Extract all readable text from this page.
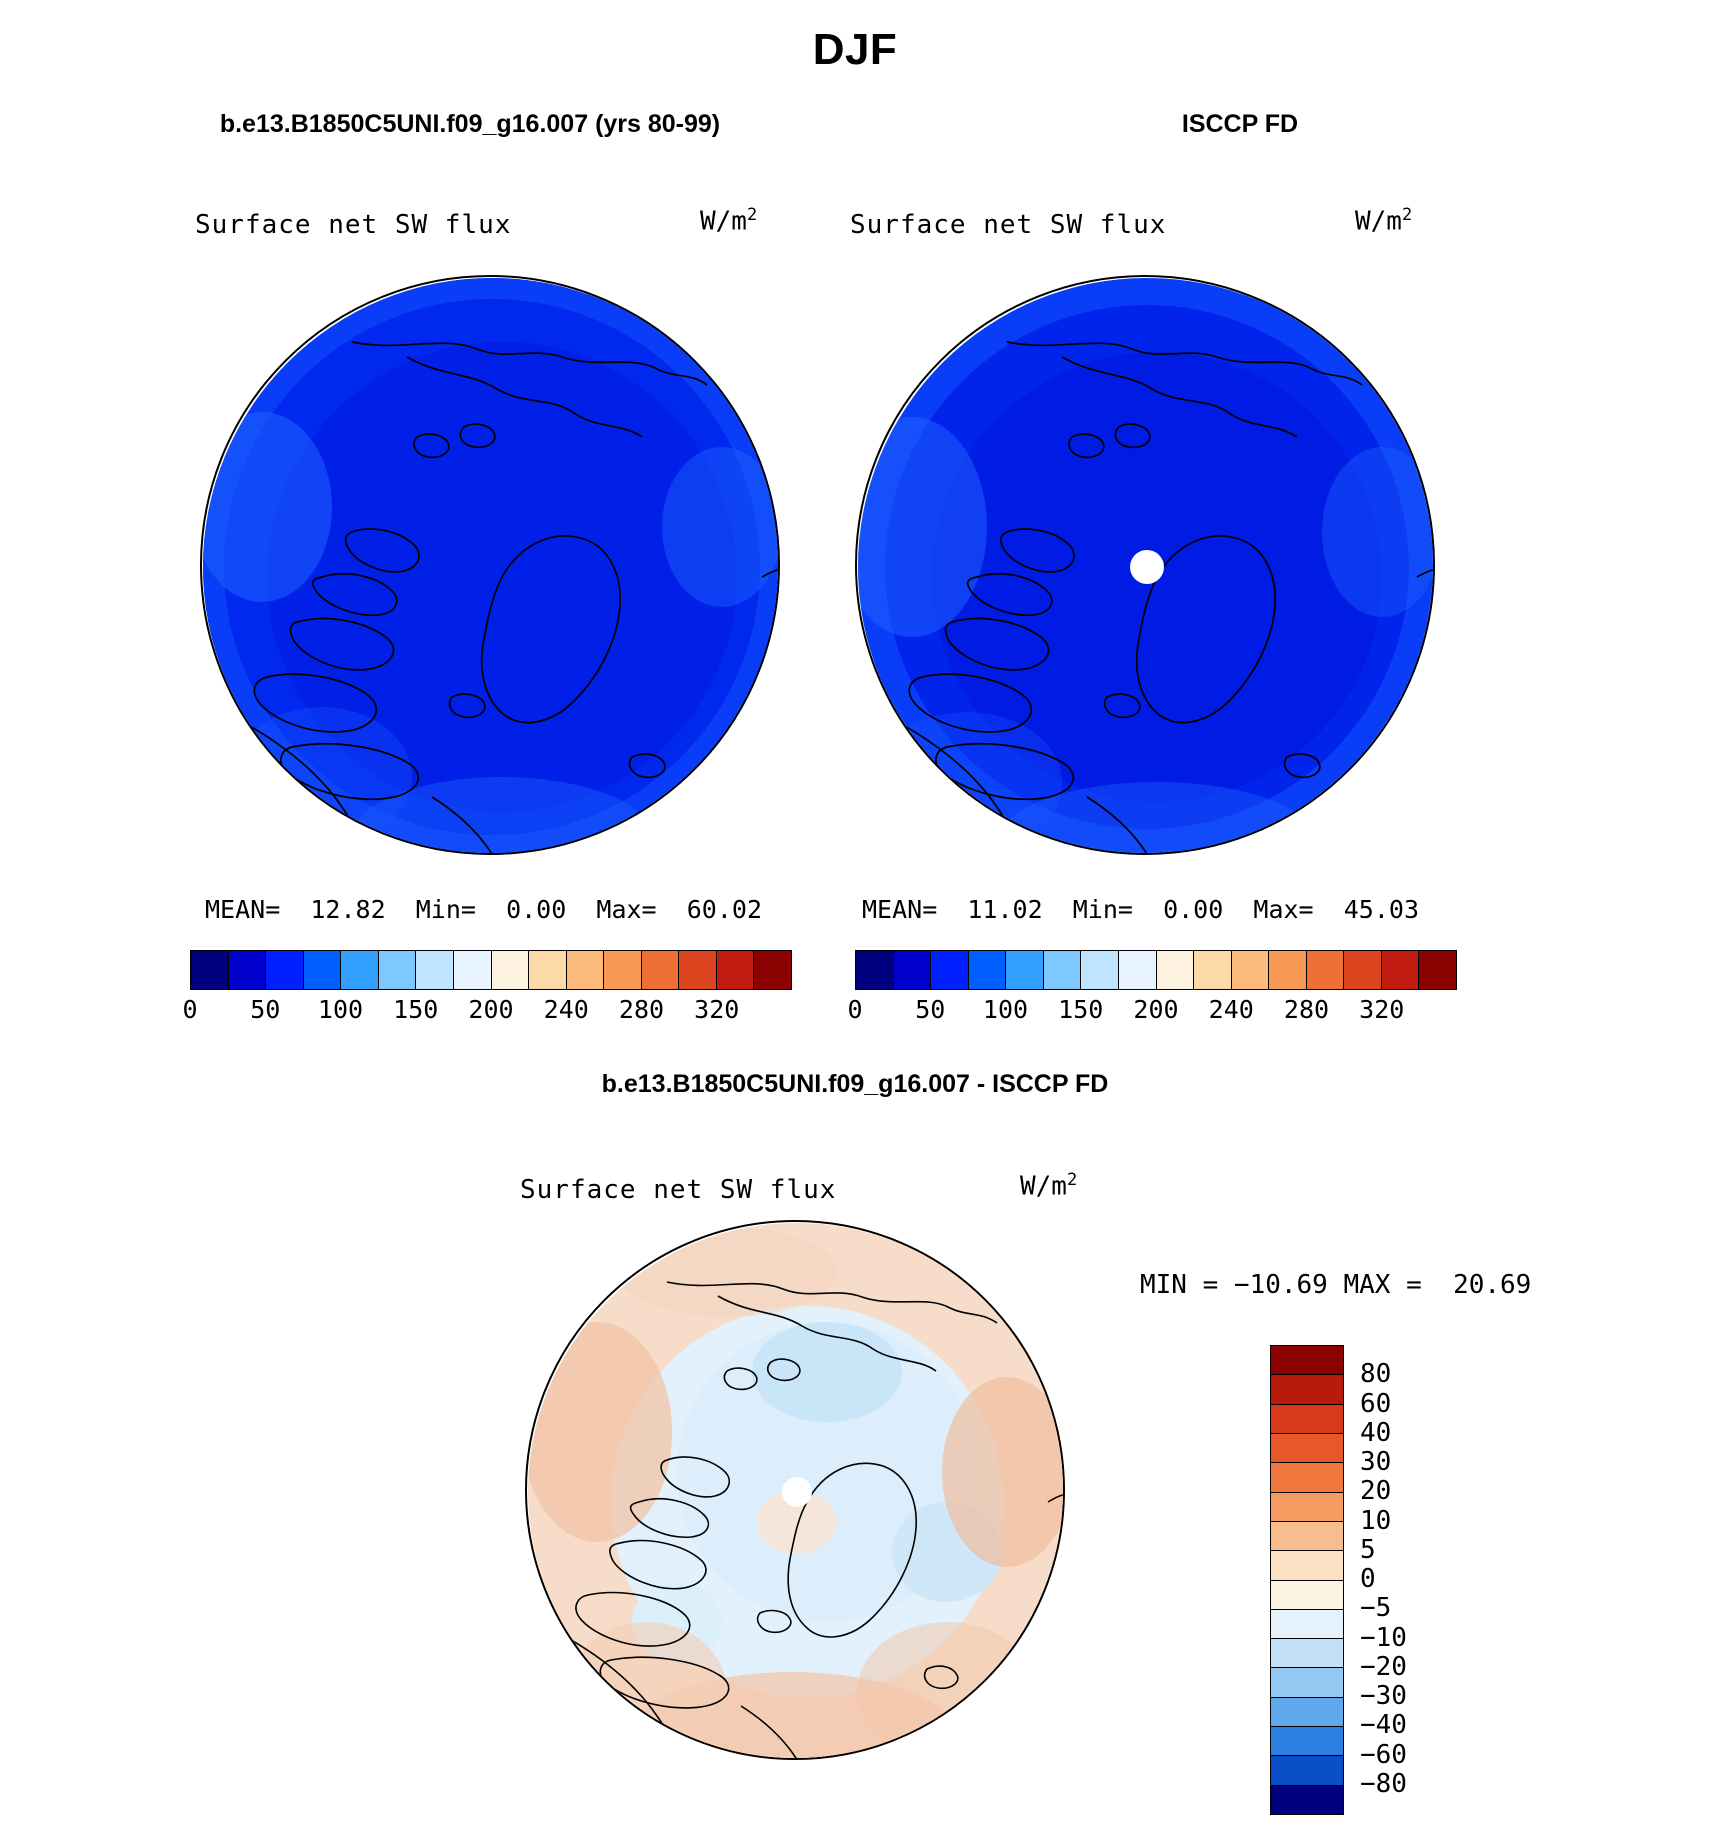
DJF
b.e13.B1850C5UNI.f09_g16.007 (yrs 80-99)	ISCCP FD
Surface net SW flux	$W/m^2$
MEAN= 12.82 Min= 0.00 Max= 60.02
0 50 100 150 200 240 280 320
Surface net SW flux	$W/m^2$
MEAN= 11.02 Min= 0.00 Max= 45.03
0 50 100 150 200 240 280 320
b.e13.B1850C5UNI.f09_g16.007 - ISCCP FD
Surface net SW flux	$W/m^2$
MIN = −10.69 MAX =  20.69
80
60
40
30
20
10
5
0
−5
−10
−20
−30
−40
−60
−80
